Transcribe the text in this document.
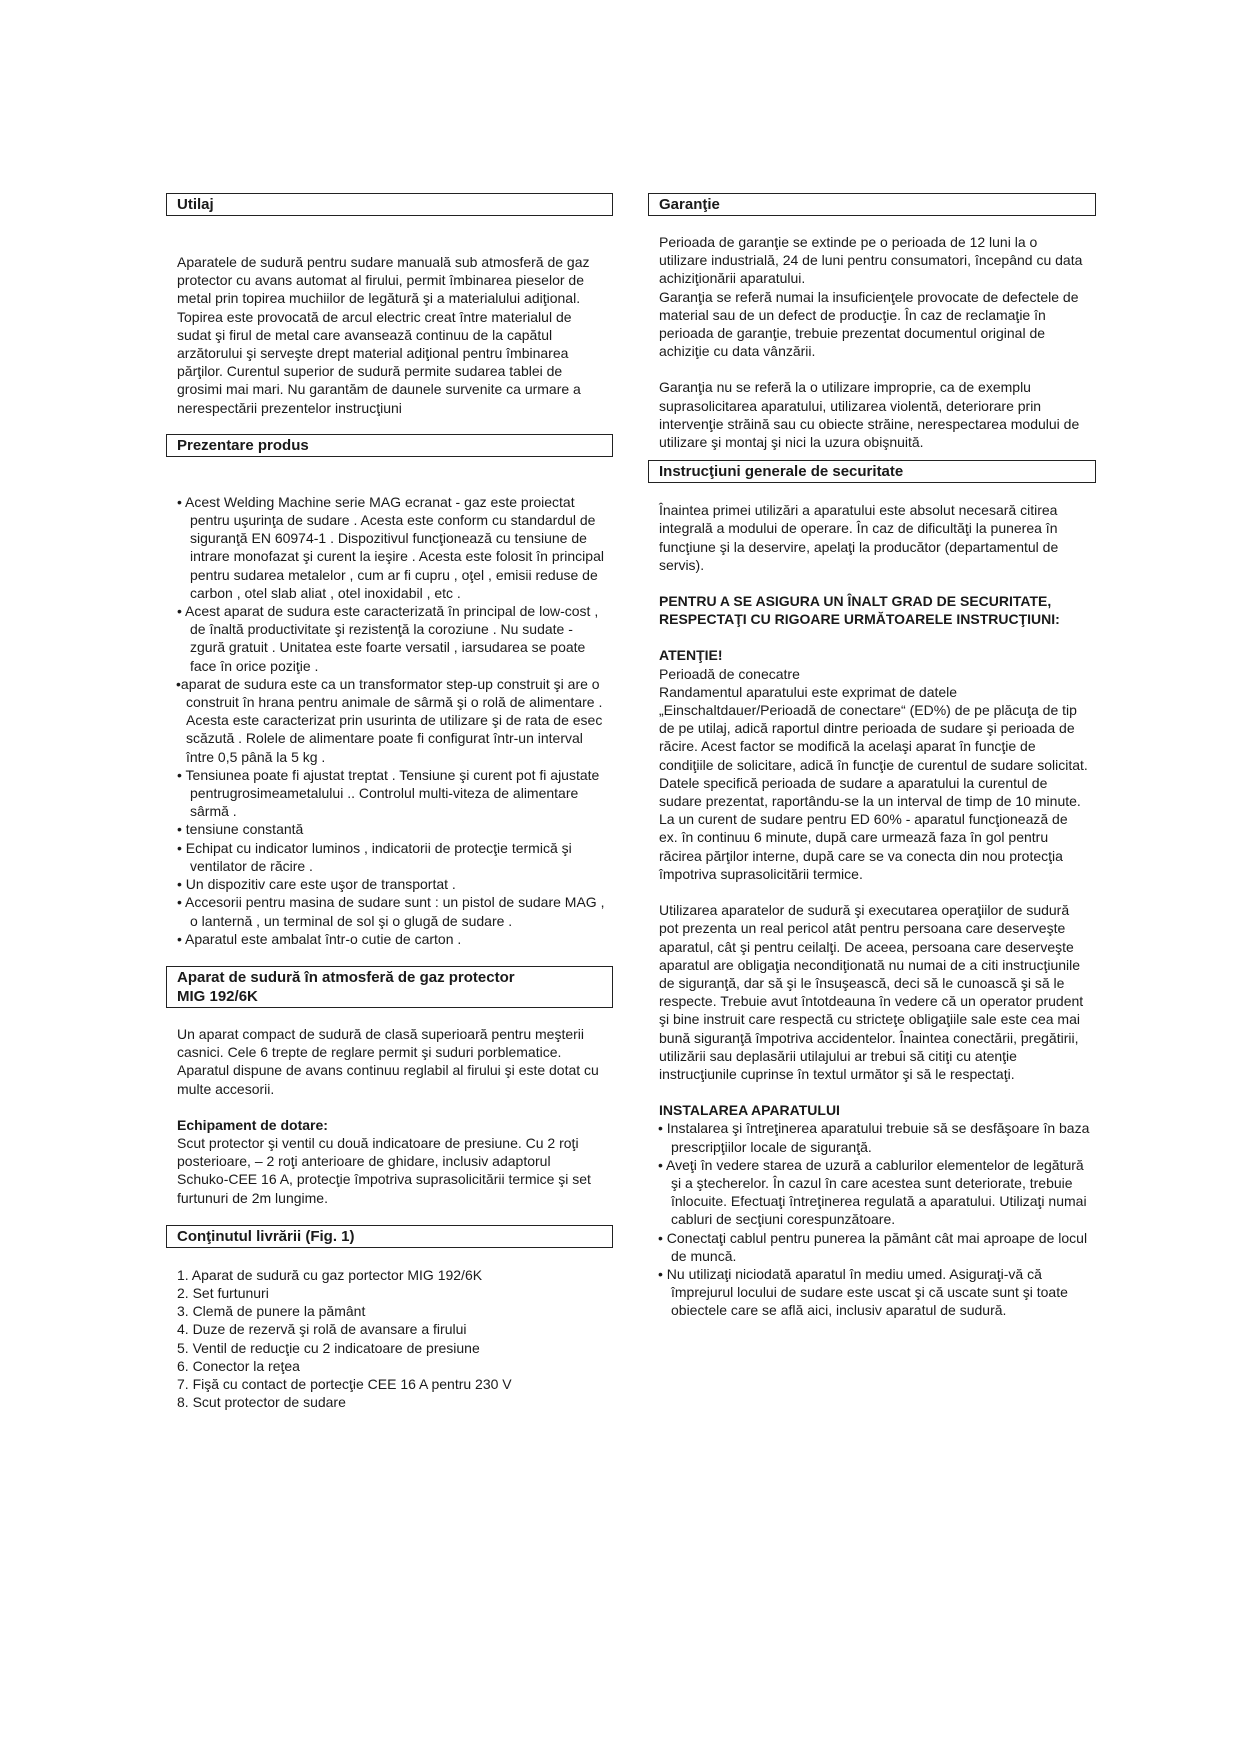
Utilaj

Aparatele de sudură pentru sudare manuală sub atmosferă de gaz protector cu avans automat al firului, permit îmbinarea pieselor de metal prin topirea muchiilor de legătură şi a materialului adiţional. Topirea este provocată de arcul electric creat între materialul de sudat şi firul de metal care avansează continuu de la capătul arzătorului şi serveşte drept material adiţional pentru îmbinarea părţilor. Curentul superior de sudură permite sudarea tablei de grosimi mai mari. Nu garantăm de daunele survenite ca urmare a nerespectării prezentelor instrucţiuni

Prezentare produs

• Acest Welding Machine serie MAG ecranat - gaz este proiectat pentru uşurinţa de sudare . Acesta este conform cu standardul de siguranţă EN 60974-1 . Dispozitivul funcţionează cu tensiune de intrare monofazat şi curent la ieşire . Acesta este folosit în principal pentru sudarea metalelor , cum ar fi cupru , oţel , emisii reduse de carbon , otel slab aliat , otel inoxidabil , etc .

• Acest aparat de sudura este caracterizată în principal de low-cost , de înaltă productivitate şi rezistenţă la coroziune . Nu sudate - zgură gratuit . Unitatea este foarte versatil , iarsudarea se poate face în orice poziţie .

•aparat de sudura este ca un transformator step-up construit şi are o construit în hrana pentru animale de sârmă şi o rolă de alimentare . Acesta este caracterizat prin usurinta de utilizare şi de rata de esec scăzută . Rolele de alimentare poate fi configurat într-un interval între 0,5 până la 5 kg .

• Tensiunea poate fi ajustat treptat . Tensiune şi curent pot fi ajustate pentrugrosimeametalului .. Controlul multi-viteza de alimentare sârmă .

• tensiune constantă

• Echipat cu indicator luminos , indicatorii de protecţie termică şi ventilator de răcire .

• Un dispozitiv care este uşor de transportat .

• Accesorii pentru masina de sudare sunt : un pistol de sudare MAG , o lanternă , un terminal de sol şi o glugă de sudare .

• Aparatul este ambalat într-o cutie de carton .

Aparat de sudură în atmosferă de gaz protector
MIG 192/6K

Un aparat compact de sudură de clasă superioară pentru meşterii casnici. Cele 6 trepte de reglare permit şi suduri porblematice. Aparatul dispune de avans continuu reglabil al firului şi este dotat cu multe accesorii.

Echipament de dotare:

Scut protector şi ventil cu două indicatoare de presiune. Cu 2 roţi posterioare, – 2 roţi anterioare de ghidare, inclusiv adaptorul Schuko-CEE 16 A, protecţie împotriva suprasolicitării termice şi set furtunuri de 2m lungime.

Conţinutul livrării (Fig. 1)

1. Aparat de sudură cu gaz portector MIG 192/6K

2. Set furtunuri

3. Clemă de punere la pământ

4. Duze de rezervă şi rolă de avansare a firului

5. Ventil de reducţie cu 2 indicatoare de presiune

6. Conector la reţea

7. Fişă cu contact de portecţie CEE 16 A pentru 230 V

8. Scut protector de sudare

Garanţie

Perioada de garanţie se extinde pe o perioada de 12 luni la o utilizare industrială, 24 de luni pentru consumatori, începând cu data achiziţionării aparatului.

Garanţia se referă numai la insuficienţele provocate de defectele de material sau de un defect de producţie. În caz de reclamaţie în perioada de garanţie, trebuie prezentat documentul original de achiziţie cu data vânzării.

Garanţia nu se referă la o utilizare improprie, ca de exemplu suprasolicitarea aparatului, utilizarea violentă, deteriorare prin intervenţie străină sau cu obiecte străine, nerespectarea modului de utilizare şi montaj şi nici la uzura obişnuită.

Instrucţiuni generale de securitate

Înaintea primei utilizări a aparatului este absolut necesară citirea integrală a modului de operare. În caz de dificultăţi la punerea în funcţiune şi la deservire, apelaţi la producător (departamentul de servis).

PENTRU A SE ASIGURA UN ÎNALT GRAD DE SECURITATE, RESPECTAŢI CU RIGOARE URMĂTOARELE INSTRUCŢIUNI:

ATENŢIE!

Perioadă de conecatre

Randamentul aparatului este exprimat de datele „Einschaltdauer/Perioadă de conectare“ (ED%) de pe plăcuţa de tip de pe utilaj, adică raportul dintre perioada de sudare şi perioada de răcire. Acest factor se modifică la acelaşi aparat în funcţie de condiţiile de solicitare, adică în funcţie de curentul de sudare solicitat. Datele specifică perioada de sudare a aparatului la curentul de sudare prezentat, raportându-se la un interval de timp de 10 minute. La un curent de sudare pentru ED 60% - aparatul funcţionează de ex. în continuu 6 minute, după care urmează faza în gol pentru răcirea părţilor interne, după care se va conecta din nou protecţia împotriva suprasolicitării termice.

Utilizarea aparatelor de sudură şi executarea operaţiilor de sudură pot prezenta un real pericol atât pentru persoana care deserveşte aparatul, cât şi pentru ceilalţi. De aceea, persoana care deserveşte aparatul are obligaţia necondiţionată nu numai de a citi instrucţiunile de siguranţă, dar să şi le însuşească, deci să le cunoască şi să le respecte. Trebuie avut întotdeauna în vedere că un operator prudent şi bine instruit care respectă cu stricteţe obligaţiile sale este cea mai bună siguranţă împotriva accidentelor. Înaintea conectării, pregătirii, utilizării sau deplasării utilajului ar trebui să citiţi cu atenţie instrucţiunile cuprinse în textul următor şi să le respectaţi.

INSTALAREA APARATULUI

• Instalarea şi întreţinerea aparatului trebuie să se desfăşoare în baza prescripţiilor locale de siguranţă.

• Aveţi în vedere starea de uzură a cablurilor elementelor de legătură şi a ştecherelor. În cazul în care acestea sunt deteriorate, trebuie înlocuite. Efectuaţi întreţinerea regulată a aparatului. Utilizaţi numai cabluri de secţiuni corespunzătoare.

• Conectaţi cablul pentru punerea la pământ cât mai aproape de locul de muncă.

• Nu utilizaţi niciodată aparatul în mediu umed. Asiguraţi-vă că împrejurul locului de sudare este uscat şi că uscate sunt şi toate obiectele care se află aici, inclusiv aparatul de sudură.
